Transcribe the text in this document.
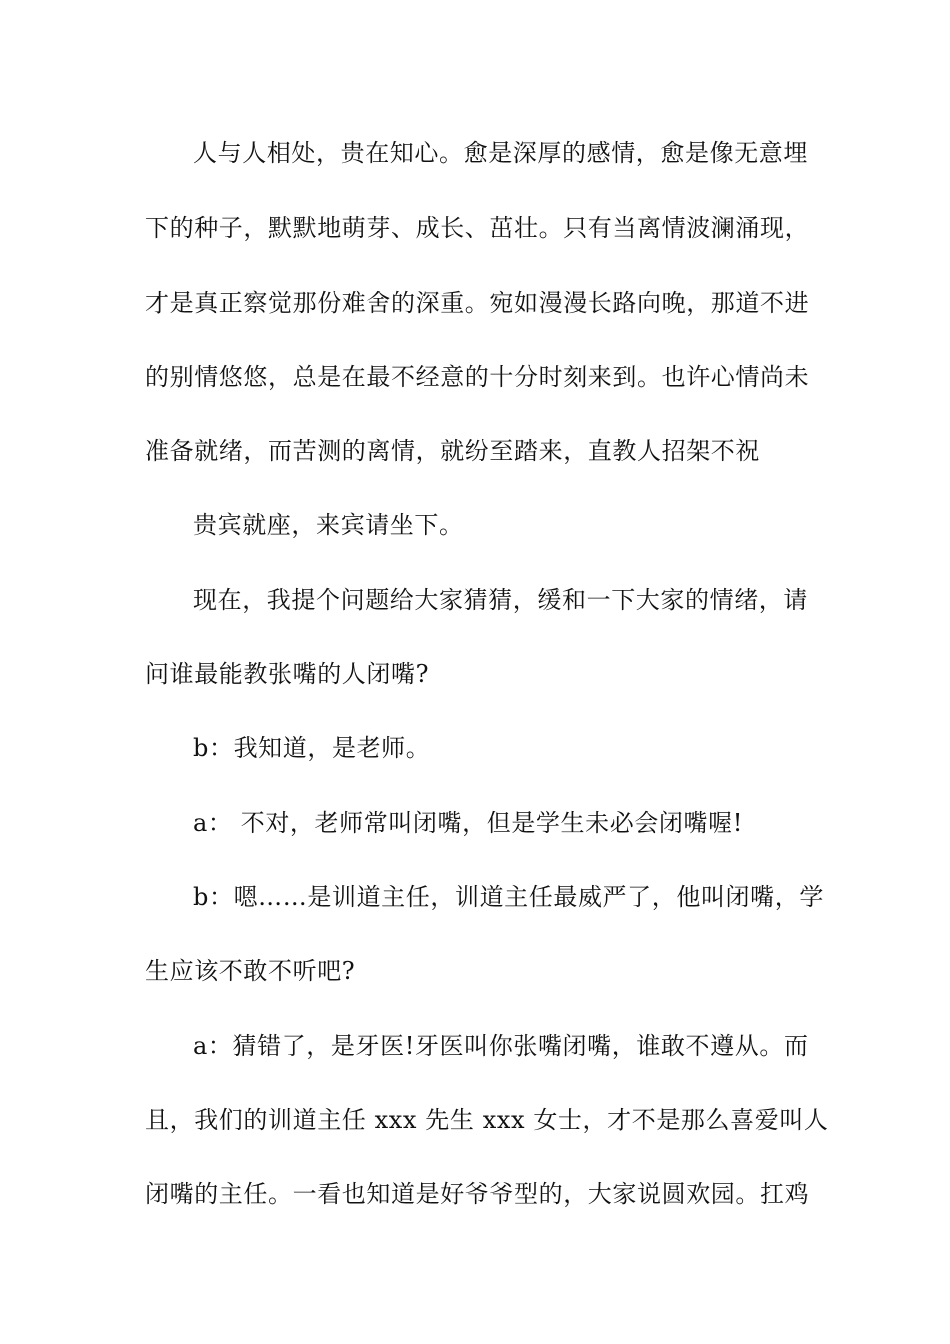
人与人相处，贵在知心。愈是深厚的感情，愈是像无意埋
下的种子，默默地萌芽、成长、茁壮。只有当离情波澜涌现，
才是真正察觉那份难舍的深重。宛如漫漫长路向晚，那道不进
的别情悠悠，总是在最不经意的十分时刻来到。也许心情尚未
准备就绪，而苦测的离情，就纷至踏来，直教人招架不祝
贵宾就座，来宾请坐下。
现在，我提个问题给大家猜猜，缓和一下大家的情绪，请
问谁最能教张嘴的人闭嘴?
b：我知道，是老师。
a： 不对，老师常叫闭嘴，但是学生未必会闭嘴喔!
b：嗯……是训道主任，训道主任最威严了，他叫闭嘴，学
生应该不敢不听吧?
a：猜错了，是牙医!牙医叫你张嘴闭嘴，谁敢不遵从。而
且，我们的训道主任 xxx 先生 xxx 女士，才不是那么喜爱叫人
闭嘴的主任。一看也知道是好爷爷型的，大家说圆欢园。扛鸡
